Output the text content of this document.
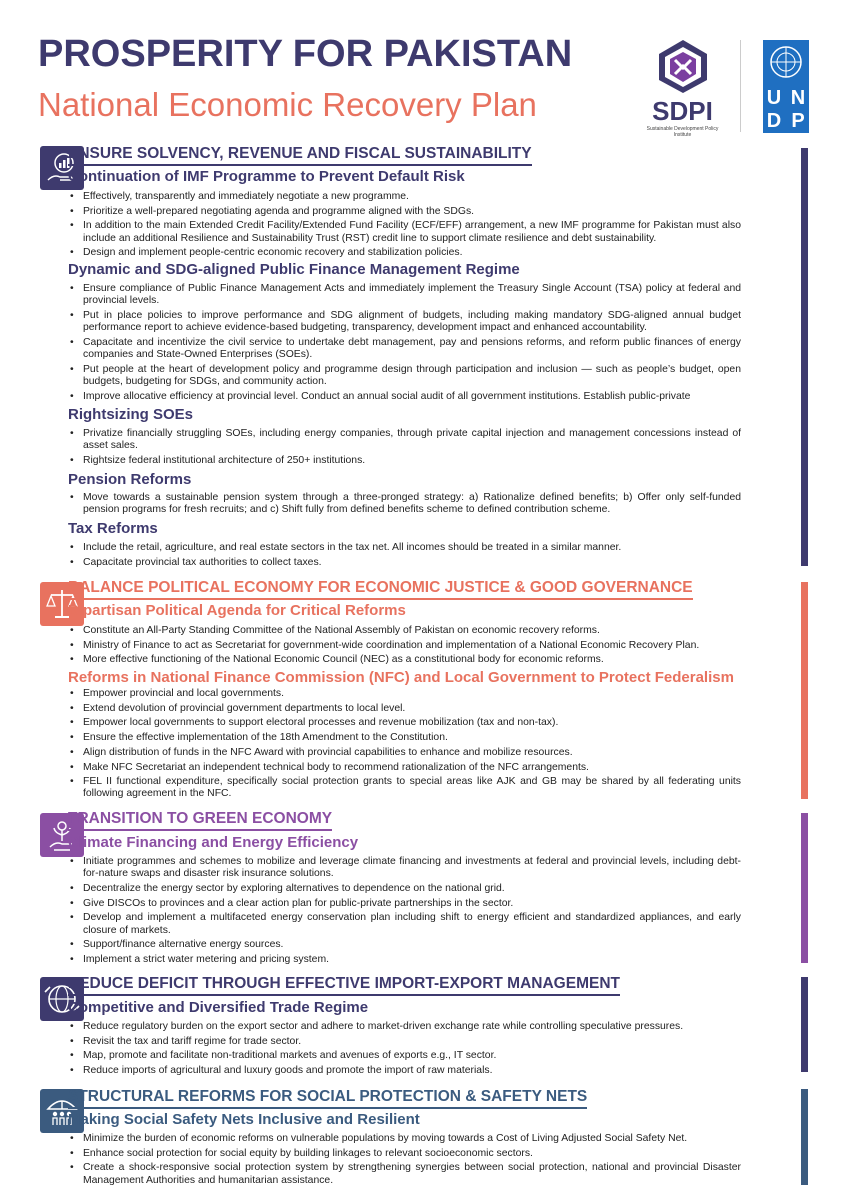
PROSPERITY FOR PAKISTAN
National Economic Recovery Plan	SDPI
Sustainable Development Policy Institute
U N
D P
ENSURE SOLVENCY, REVENUE AND FISCAL SUSTAINABILITY
Continuation of IMF Programme to Prevent Default Risk
• Effectively, transparently and immediately negotiate a new programme.
• Prioritize a well-prepared negotiating agenda and programme aligned with the SDGs.
• In addition to the main Extended Credit Facility/Extended Fund Facility (ECF/EFF) arrangement, a new IMF programme for Pakistan must also include an additional Resilience and Sustainability Trust (RST) credit line to support climate resilience and debt sustainability.
• Design and implement people-centric economic recovery and stabilization policies.
Dynamic and SDG-aligned Public Finance Management Regime
• Ensure compliance of Public Finance Management Acts and immediately implement the Treasury Single Account (TSA) policy at federal and provincial levels.
• Put in place policies to improve performance and SDG alignment of budgets, including making mandatory SDG-aligned annual budget performance report to achieve evidence-based budgeting, transparency, development impact and enhanced accountability.
• Capacitate and incentivize the civil service to undertake debt management, pay and pensions reforms, and reform public finances of energy companies and State-Owned Enterprises (SOEs).
• Put people at the heart of development policy and programme design through participation and inclusion — such as people’s budget, open budgets, budgeting for SDGs, and community action.
• Improve allocative efficiency at provincial level. Conduct an annual social audit of all government institutions. Establish public-private
Rightsizing SOEs
• Privatize financially struggling SOEs, including energy companies, through private capital injection and management concessions instead of asset sales.
• Rightsize federal institutional architecture of 250+ institutions.
Pension Reforms
• Move towards a sustainable pension system through a three-pronged strategy: a) Rationalize defined benefits; b) Offer only self-funded pension programs for fresh recruits; and c) Shift fully from defined benefits scheme to defined contribution scheme.
Tax Reforms
• Include the retail, agriculture, and real estate sectors in the tax net. All incomes should be treated in a similar manner.
• Capacitate provincial tax authorities to collect taxes.
BALANCE POLITICAL ECONOMY FOR ECONOMIC JUSTICE & GOOD GOVERNANCE
Bipartisan Political Agenda for Critical Reforms
• Constitute an All-Party Standing Committee of the National Assembly of Pakistan on economic recovery reforms.
• Ministry of Finance to act as Secretariat for government-wide coordination and implementation of a National Economic Recovery Plan.
• More effective functioning of the National Economic Council (NEC) as a constitutional body for economic reforms.
Reforms in National Finance Commission (NFC) and Local Government to Protect Federalism
• Empower provincial and local governments.
• Extend devolution of provincial government departments to local level.
• Empower local governments to support electoral processes and revenue mobilization (tax and non-tax).
• Ensure the effective implementation of the 18th Amendment to the Constitution.
• Align distribution of funds in the NFC Award with provincial capabilities to enhance and mobilize resources.
• Make NFC Secretariat an independent technical body to recommend rationalization of the NFC arrangements.
• FEL II functional expenditure, specifically social protection grants to special areas like AJK and GB may be shared by all federating units following agreement in the NFC.
TRANSITION TO GREEN ECONOMY
Climate Financing and Energy Efficiency
• Initiate programmes and schemes to mobilize and leverage climate financing and investments at federal and provincial levels, including debt-for-nature swaps and disaster risk insurance solutions.
• Decentralize the energy sector by exploring alternatives to dependence on the national grid.
• Give DISCOs to provinces and a clear action plan for public-private partnerships in the sector.
• Develop and implement a multifaceted energy conservation plan including shift to energy efficient and standardized appliances, and early closure of markets.
• Support/finance alternative energy sources.
• Implement a strict water metering and pricing system.
REDUCE DEFICIT THROUGH EFFECTIVE IMPORT-EXPORT MANAGEMENT
Competitive and Diversified Trade Regime
• Reduce regulatory burden on the export sector and adhere to market-driven exchange rate while controlling speculative pressures.
• Revisit the tax and tariff regime for trade sector.
• Map, promote and facilitate non-traditional markets and avenues of exports e.g., IT sector.
• Reduce imports of agricultural and luxury goods and promote the import of raw materials.
STRUCTURAL REFORMS FOR SOCIAL PROTECTION & SAFETY NETS
Making Social Safety Nets Inclusive and Resilient
• Minimize the burden of economic reforms on vulnerable populations by moving towards a Cost of Living Adjusted Social Safety Net.
• Enhance social protection for social equity by building linkages to relevant socioeconomic sectors.
• Create a shock-responsive social protection system by strengthening synergies between social protection, national and provincial Disaster Management Authorities and humanitarian assistance.
